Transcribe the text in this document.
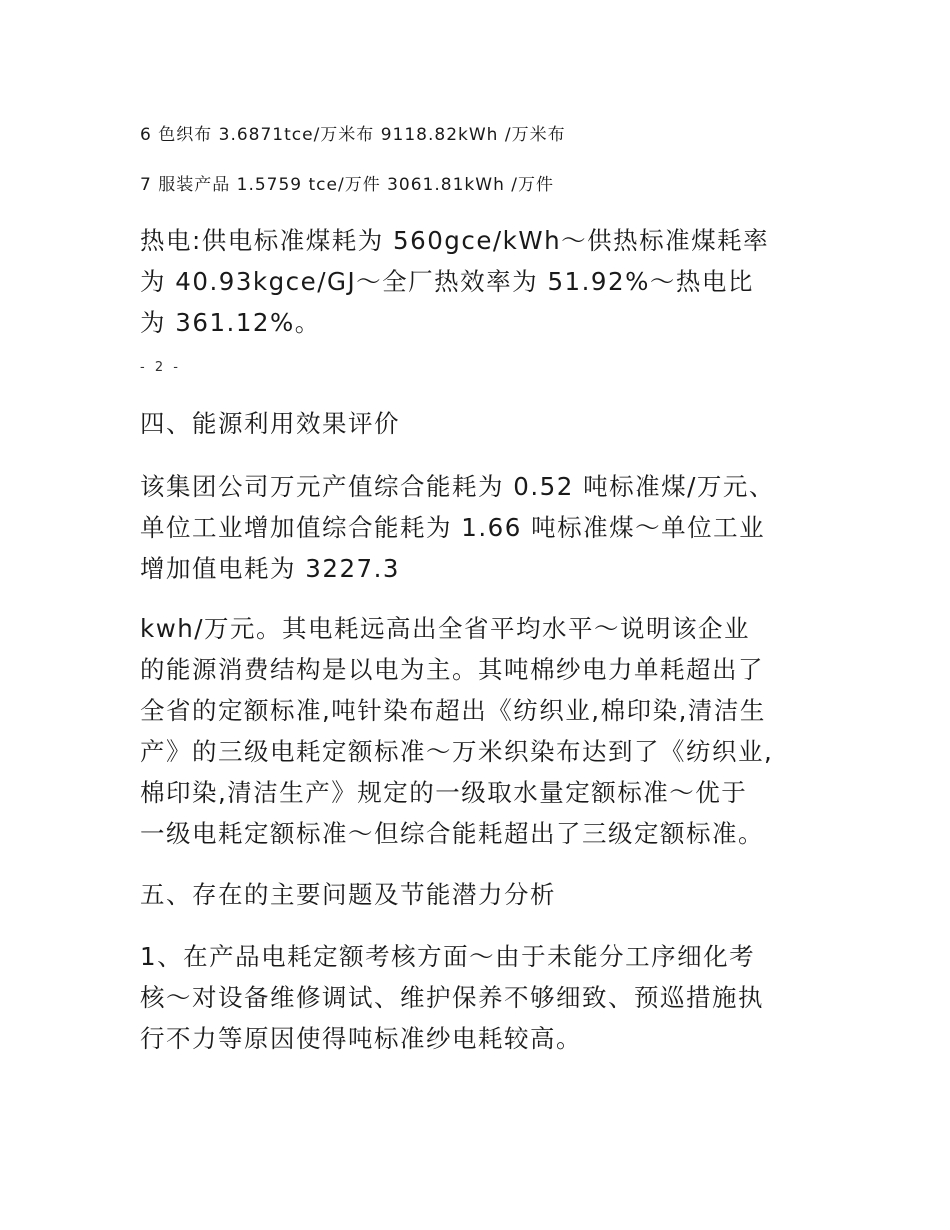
6 色织布 3.6871tce/万米布 9118.82kWh /万米布
7 服装产品 1.5759 tce/万件 3061.81kWh /万件
热电:供电标准煤耗为 560gce/kWh～供热标准煤耗率
为 40.93kgce/GJ～全厂热效率为 51.92%～热电比
为 361.12%。
- 2 -
四、能源利用效果评价
该集团公司万元产值综合能耗为 0.52 吨标准煤/万元、
单位工业增加值综合能耗为 1.66 吨标准煤～单位工业
增加值电耗为 3227.3
kwh/万元。其电耗远高出全省平均水平～说明该企业
的能源消费结构是以电为主。其吨棉纱电力单耗超出了
全省的定额标准,吨针染布超出《纺织业,棉印染,清洁生
产》的三级电耗定额标准～万米织染布达到了《纺织业,
棉印染,清洁生产》规定的一级取水量定额标准～优于
一级电耗定额标准～但综合能耗超出了三级定额标准。
五、存在的主要问题及节能潜力分析
1、在产品电耗定额考核方面～由于未能分工序细化考
核～对设备维修调试、维护保养不够细致、预巡措施执
行不力等原因使得吨标准纱电耗较高。
